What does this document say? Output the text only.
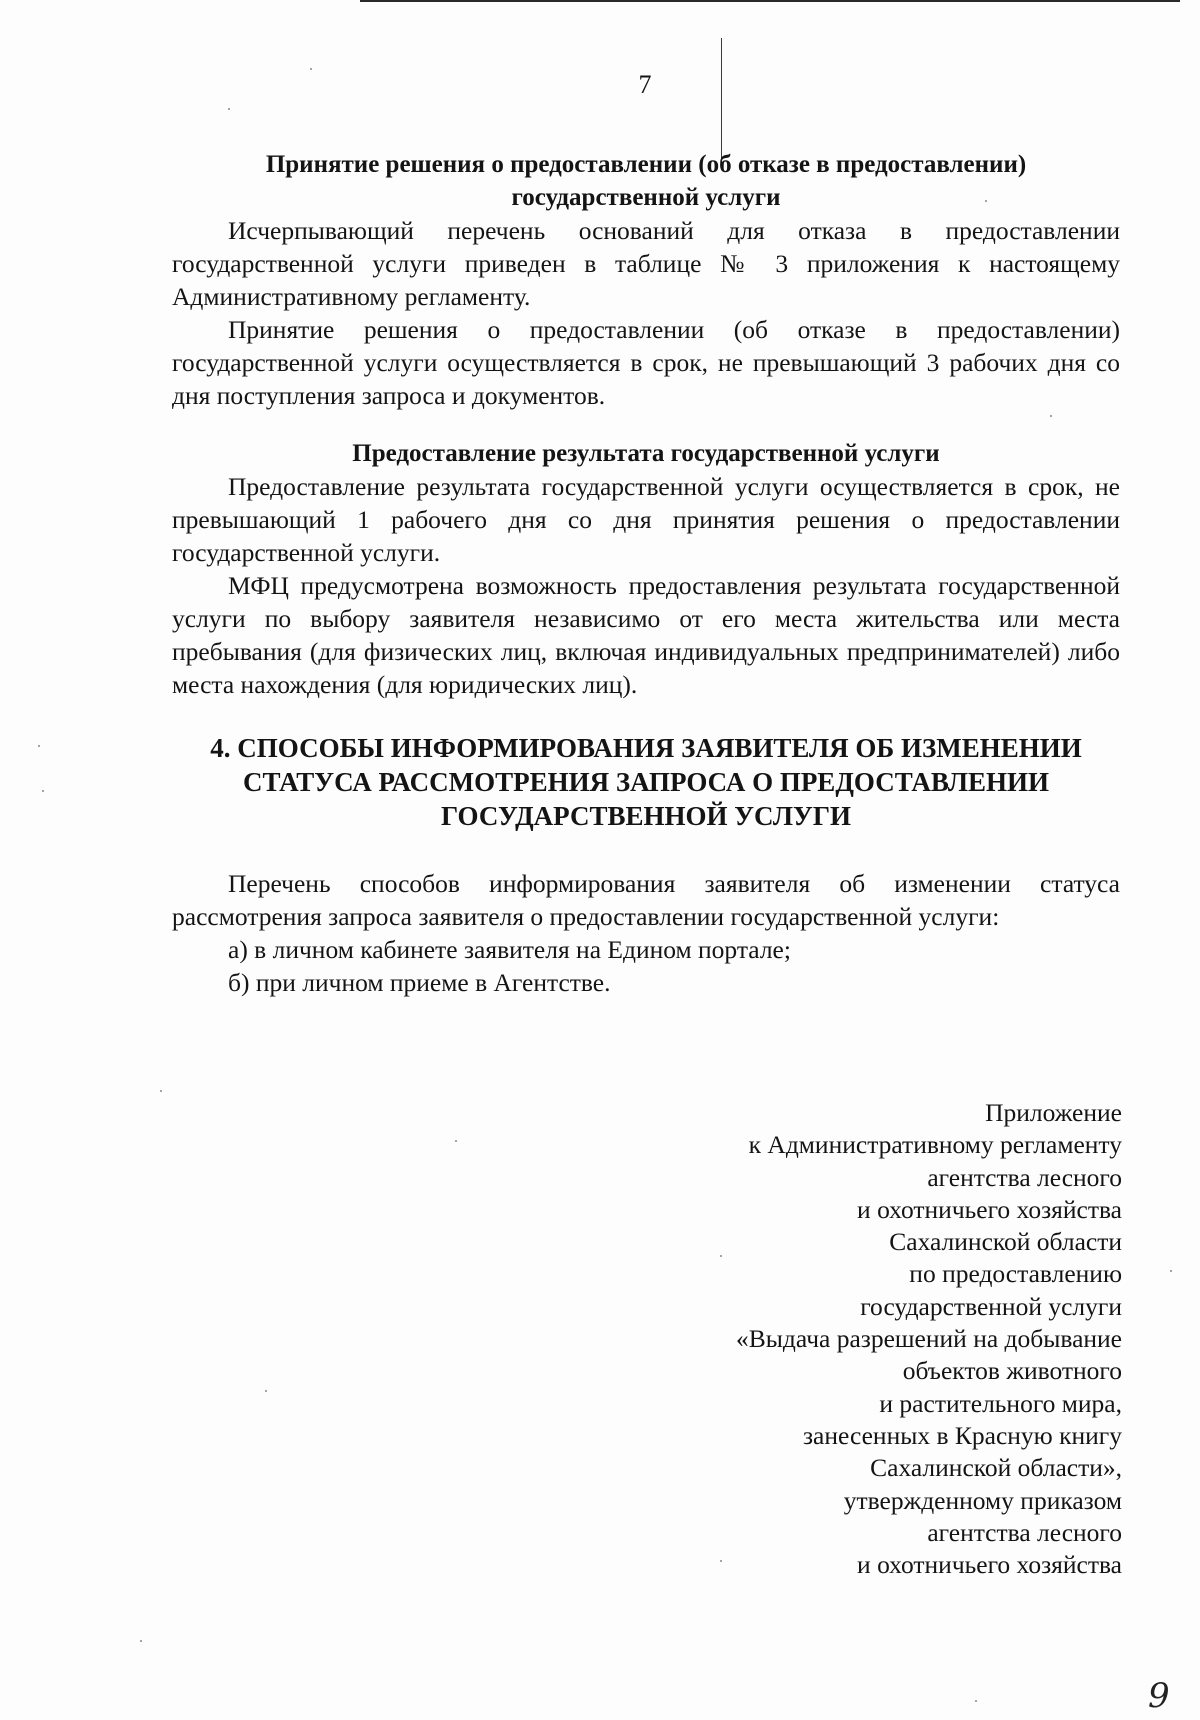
7

Принятие решения о предоставлении (об отказе в предоставлении) государственной услуги

Исчерпывающий перечень оснований для отказа в предоставлении государственной услуги приведен в таблице № 3 приложения к настоящему Административному регламенту.

Принятие решения о предоставлении (об отказе в предоставлении) государственной услуги осуществляется в срок, не превышающий 3 рабочих дня со дня поступления запроса и документов.

Предоставление результата государственной услуги

Предоставление результата государственной услуги осуществляется в срок, не превышающий 1 рабочего дня со дня принятия решения о предоставлении государственной услуги.

МФЦ предусмотрена возможность предоставления результата государственной услуги по выбору заявителя независимо от его места жительства или места пребывания (для физических лиц, включая индивидуальных предпринимателей) либо места нахождения (для юридических лиц).

4. СПОСОБЫ ИНФОРМИРОВАНИЯ ЗАЯВИТЕЛЯ ОБ ИЗМЕНЕНИИ СТАТУСА РАССМОТРЕНИЯ ЗАПРОСА О ПРЕДОСТАВЛЕНИИ ГОСУДАРСТВЕННОЙ УСЛУГИ

Перечень способов информирования заявителя об изменении статуса рассмотрения запроса заявителя о предоставлении государственной услуги:

а) в личном кабинете заявителя на Едином портале;

б) при личном приеме в Агентстве.

Приложение

к Административному регламенту

агентства лесного

и охотничьего хозяйства

Сахалинской области

по предоставлению

государственной услуги

«Выдача разрешений на добывание

объектов животного

и растительного мира,

занесенных в Красную книгу

Сахалинской области»,

утвержденному приказом

агентства лесного

и охотничьего хозяйства

9
